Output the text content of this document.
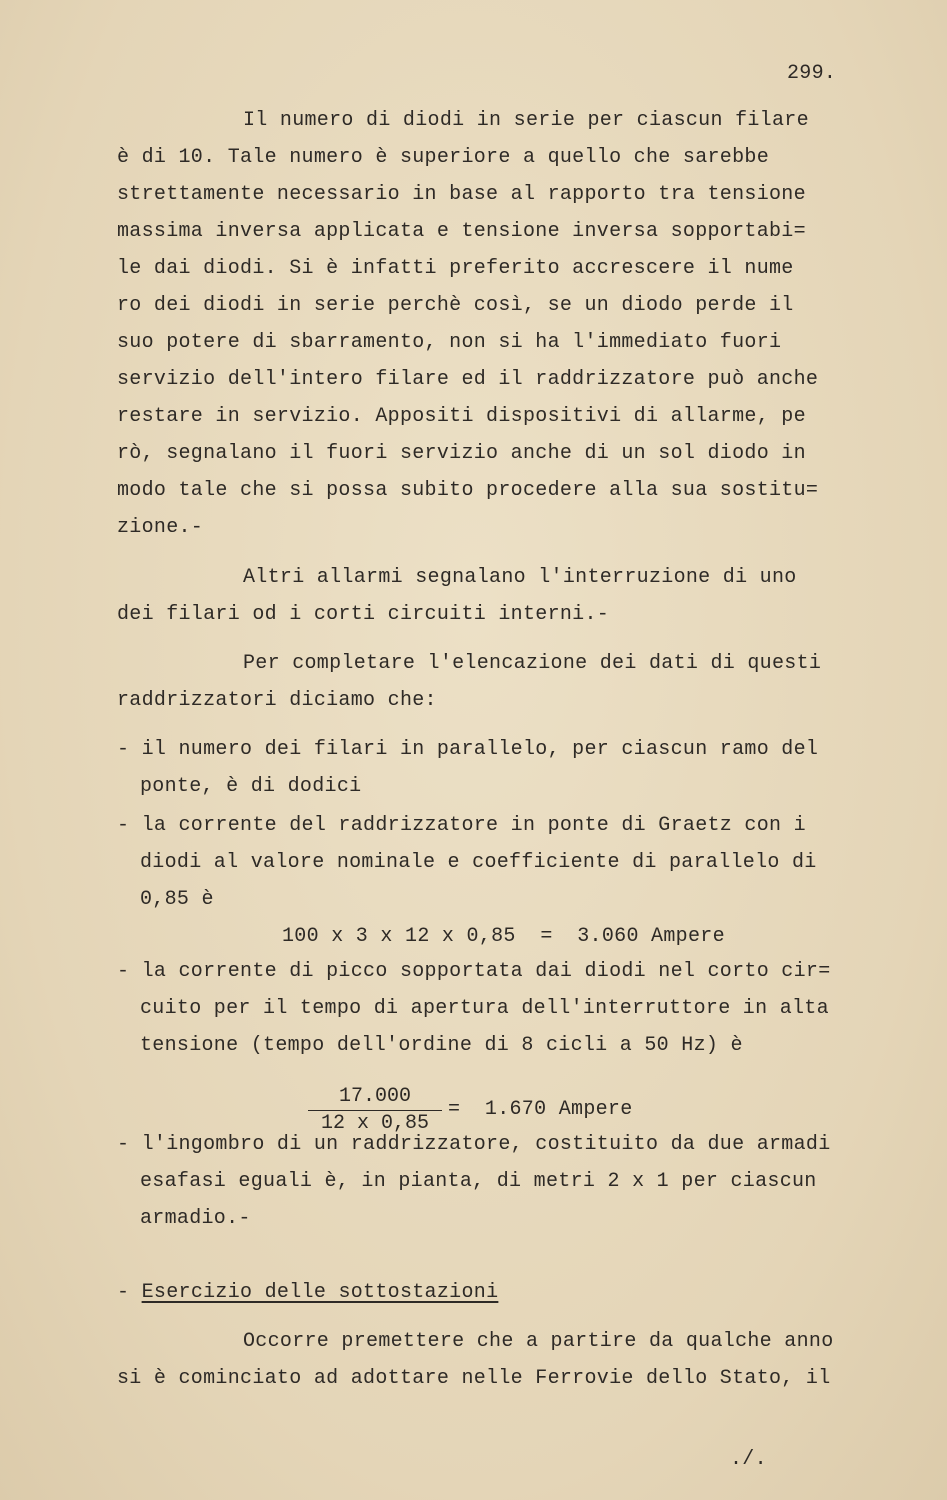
299.
Il numero di diodi in serie per ciascun filare
è di 10. Tale numero è superiore a quello che sarebbe
strettamente necessario in base al rapporto tra tensione
massima inversa applicata e tensione inversa sopportabi=
le dai diodi. Si è infatti preferito accrescere il nume
ro dei diodi in serie perchè così, se un diodo perde il
suo potere di sbarramento, non si ha l'immediato fuori
servizio dell'intero filare ed il raddrizzatore può anche
restare in servizio. Appositi dispositivi di allarme, pe
rò, segnalano il fuori servizio anche di un sol diodo in
modo tale che si possa subito procedere alla sua sostitu=
zione.-
Altri allarmi segnalano l'interruzione di uno
dei filari od i corti circuiti interni.-
Per completare l'elencazione dei dati di questi
raddrizzatori diciamo che:
- il numero dei filari in parallelo, per ciascun ramo del
ponte, è di dodici
- la corrente del raddrizzatore in ponte di Graetz con i
diodi al valore nominale e coefficiente di parallelo di
0,85 è
100 x 3 x 12 x 0,85  =  3.060 Ampere
- la corrente di picco sopportata dai diodi nel corto cir=
cuito per il tempo di apertura dell'interruttore in alta
tensione (tempo dell'ordine di 8 cicli a 50 Hz) è
17.000
12 x 0,85
=  1.670 Ampere
- l'ingombro di un raddrizzatore, costituito da due armadi
esafasi eguali è, in pianta, di metri 2 x 1 per ciascun
armadio.-
- Esercizio delle sottostazioni
Occorre premettere che a partire da qualche anno
si è cominciato ad adottare nelle Ferrovie dello Stato, il
./.
